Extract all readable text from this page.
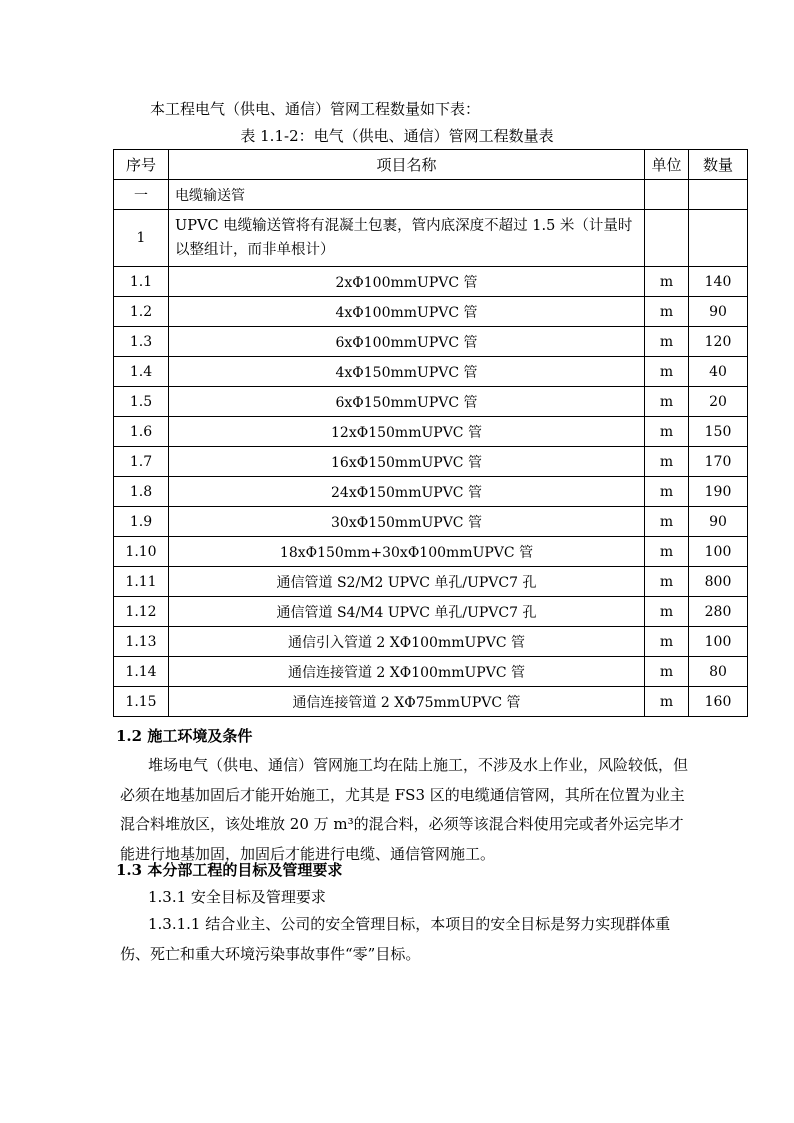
本工程电气（供电、通信）管网工程数量如下表：
表 1.1-2：电气（供电、通信）管网工程数量表
序号	项目名称	单位	数量
一	电缆输送管		
1	UPVC 电缆输送管将有混凝土包裹，管内底深度不超过 1.5 米（计量时以整组计，而非单根计）		
1.1	2xΦ100mmUPVC 管	m	140
1.2	4xΦ100mmUPVC 管	m	90
1.3	6xΦ100mmUPVC 管	m	120
1.4	4xΦ150mmUPVC 管	m	40
1.5	6xΦ150mmUPVC 管	m	20
1.6	12xΦ150mmUPVC 管	m	150
1.7	16xΦ150mmUPVC 管	m	170
1.8	24xΦ150mmUPVC 管	m	190
1.9	30xΦ150mmUPVC 管	m	90
1.10	18xΦ150mm+30xΦ100mmUPVC 管	m	100
1.11	通信管道 S2/M2 UPVC 单孔/UPVC7 孔	m	800
1.12	通信管道 S4/M4 UPVC 单孔/UPVC7 孔	m	280
1.13	通信引入管道 2 XΦ100mmUPVC 管	m	100
1.14	通信连接管道 2 XΦ100mmUPVC 管	m	80
1.15	通信连接管道 2 XΦ75mmUPVC 管	m	160
1.2 施工环境及条件
堆场电气（供电、通信）管网施工均在陆上施工，不涉及水上作业，风险较低，但必须在地基加固后才能开始施工，尤其是 FS3 区的电缆通信管网，其所在位置为业主混合料堆放区，该处堆放 20 万 m³的混合料，必须等该混合料使用完或者外运完毕才能进行地基加固，加固后才能进行电缆、通信管网施工。
1.3 本分部工程的目标及管理要求
1.3.1 安全目标及管理要求
1.3.1.1 结合业主、公司的安全管理目标，本项目的安全目标是努力实现群体重伤、死亡和重大环境污染事故事件“零”目标。
